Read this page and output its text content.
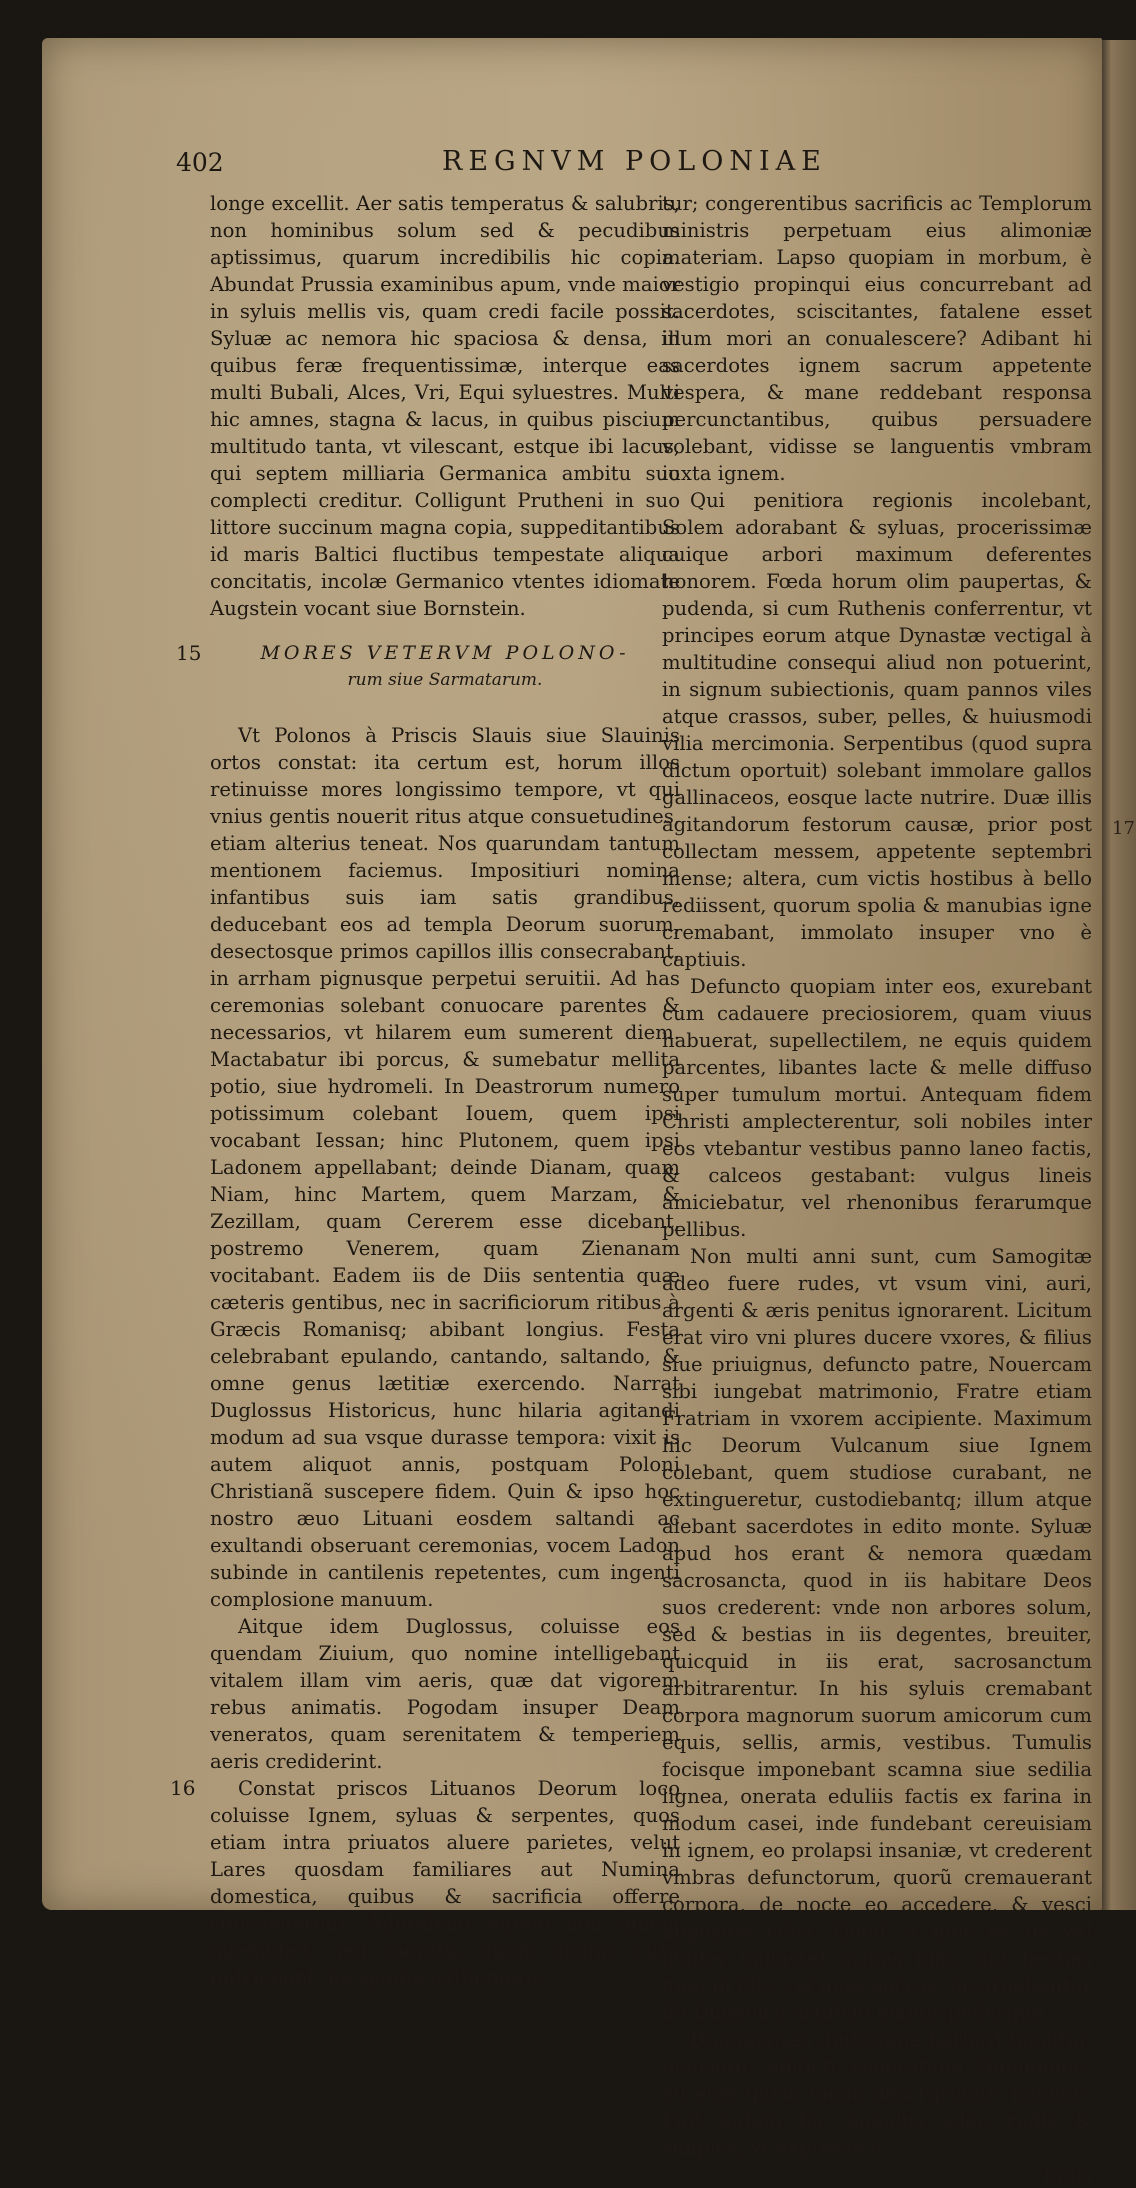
402	REGNVM POLONIAE

longe excellit. Aer satis temperatus & salubris, non hominibus solum sed & pecudibus aptissimus, quarum incredibilis hic copia. Abundat Prussia examinibus apum, vnde maior in syluis mellis vis, quam credi facile possit. Syluæ ac nemora hic spaciosa & densa, in quibus feræ frequentissimæ, interque eas multi Bubali, Alces, Vri, Equi syluestres. Multi hic amnes, stagna & lacus, in quibus piscium multitudo tanta, vt vilescant, estque ibi lacus, qui septem milliaria Germanica ambitu suo complecti creditur. Colligunt Prutheni in suo littore succinum magna copia, suppeditantibus id maris Baltici fluctibus tempestate aliqua concitatis, incolæ Germanico vtentes idiomate Augstein vocant siue Bornstein.

15	MORES VETERVM POLONO-
rum siue Sarmatarum.

Vt Polonos à Priscis Slauis siue Slauinis ortos constat: ita certum est, horum illos retinuisse mores longissimo tempore, vt qui vnius gentis nouerit ritus atque consuetudines, etiam alterius teneat. Nos quarundam tantum mentionem faciemus. Impositiuri nomina infantibus suis iam satis grandibus, deducebant eos ad templa Deorum suorum, desectosque primos capillos illis consecrabant, in arrham pignusque perpetui seruitii. Ad has ceremonias solebant conuocare parentes & necessarios, vt hilarem eum sumerent diem. Mactabatur ibi porcus, & sumebatur mellita potio, siue hydromeli. In Deastrorum numero potissimum colebant Iouem, quem ipsi vocabant Iessan; hinc Plutonem, quem ipsi Ladonem appellabant; deinde Dianam, quam Niam, hinc Martem, quem Marzam, & Zezillam, quam Cererem esse dicebant, postremo Venerem, quam Zienanam vocitabant. Eadem iis de Diis sententia quæ cæteris gentibus, nec in sacrificiorum ritibus à Græcis Romanisq; abibant longius. Festa celebrabant epulando, cantando, saltando, & omne genus lætitiæ exercendo. Narrat Duglossus Historicus, hunc hilaria agitandi modum ad sua vsque durasse tempora: vixit is autem aliquot annis, postquam Poloni Christianã suscepere fidem. Quin & ipso hoc nostro æuo Lituani eosdem saltandi ac exultandi obseruant ceremonias, vocem Ladon subinde in cantilenis repetentes, cum ingenti complosione manuum.

Aitque idem Duglossus, coluisse eos quendam Ziuium, quo nomine intelligebant vitalem illam vim aeris, quæ dat vigorem rebus animatis. Pogodam insuper Deam veneratos, quam serenitatem & temperiem aeris crediderint.

16	Constat priscos Lituanos Deorum loco coluisse Ignem, syluas & serpentes, quos etiam intra priuatos aluere parietes, velut Lares quosdam familiares aut Numina domestica, quibus & sacrificia offerre consueuerunt. Adorabant autem non ignem quemlibet, sed sacratũ, quem magna cura nutriebant, ne sponte extinguere-

tur; congerentibus sacrificis ac Templorum ministris perpetuam eius alimoniæ materiam. Lapso quopiam in morbum, è vestigio propinqui eius concurrebant ad sacerdotes, sciscitantes, fatalene esset illum mori an conualescere? Adibant hi sacerdotes ignem sacrum appetente vespera, & mane reddebant responsa percunctantibus, quibus persuadere volebant, vidisse se languentis vmbram iuxta ignem.

Qui penitiora regionis incolebant, Solem adorabant & syluas, procerissimæ cuique arbori maximum deferentes honorem. Fœda horum olim paupertas, & pudenda, si cum Ruthenis conferrentur, vt principes eorum atque Dynastæ vectigal à multitudine consequi aliud non potuerint, in signum subiectionis, quam pannos viles atque crassos, suber, pelles, & huiusmodi vilia mercimonia. Serpentibus (quod supra dictum oportuit) solebant immolare gallos gallinaceos, eosque lacte nutrire. Duæ illis agitandorum festorum causæ, prior post collectam messem, appetente septembri mense; altera, cum victis hostibus à bello rediissent, quorum spolia & manubias igne cremabant, immolato insuper vno è captiuis.

Defuncto quopiam inter eos, exurebant cum cadauere preciosiorem, quam viuus habuerat, supellectilem, ne equis quidem parcentes, libantes lacte & melle diffuso super tumulum mortui. Antequam fidem Christi amplecterentur, soli nobiles inter eos vtebantur vestibus panno laneo factis, & calceos gestabant: vulgus lineis amiciebatur, vel rhenonibus ferarumque pellibus.

Non multi anni sunt, cum Samogitæ adeo fuere rudes, vt vsum vini, auri, argenti & æris penitus ignorarent. Licitum erat viro vni plures ducere vxores, & filius siue priuignus, defuncto patre, Nouercam sibi iungebat matrimonio, Fratre etiam Fratriam in vxorem accipiente. Maximum hic Deorum Vulcanum siue Ignem colebant, quem studiose curabant, ne extingueretur, custodiebantq; illum atque alebant sacerdotes in edito monte. Syluæ apud hos erant & nemora quædam sacrosancta, quod in iis habitare Deos suos crederent: vnde non arbores solum, sed & bestias in iis degentes, breuiter, quicquid in iis erat, sacrosanctum arbitrarentur. In his syluis cremabant corpora magnorum suorum amicorum cum equis, sellis, armis, vestibus. Tumulis focisque imponebant scamna siue sedilia lignea, onerata eduliis factis ex farina in modum casei, inde fundebant cereuisiam in ignem, eo prolapsi insaniæ, vt crederent vmbras defunctorum, quorũ cremauerant corpora, de nocte eo accedere, & vesci appositis cibis. Quod si quis ex iis vel leuiter violasset syluas illas, aut bestias quæ in illis, vel aues sacras, incuruabantur illi Diabolico artificio manus pedesque.

Diuonienses diutissime barbari incultiq; mansere, addicti venerationi Dæmonum, ad eum quem modo descripsimus modum. Fuit autem hic populus adeo rudis & simplex, vt expresso è

fauis
17
